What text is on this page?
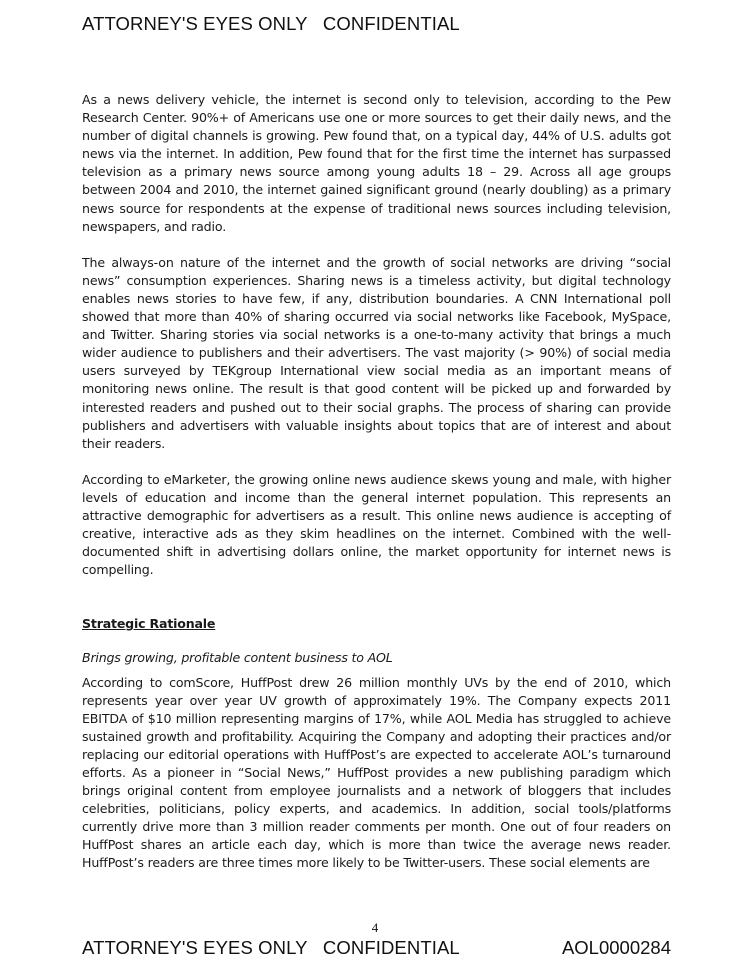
ATTORNEY'S EYES ONLY   CONFIDENTIAL

As a news delivery vehicle, the internet is second only to television, according to the Pew Research Center. 90%+ of Americans use one or more sources to get their daily news, and the number of digital channels is growing. Pew found that, on a typical day, 44% of U.S. adults got news via the internet. In addition, Pew found that for the first time the internet has surpassed television as a primary news source among young adults 18 – 29. Across all age groups between 2004 and 2010, the internet gained significant ground (nearly doubling) as a primary news source for respondents at the expense of traditional news sources including television, newspapers, and radio.

The always-on nature of the internet and the growth of social networks are driving “social news” consumption experiences. Sharing news is a timeless activity, but digital technology enables news stories to have few, if any, distribution boundaries. A CNN International poll showed that more than 40% of sharing occurred via social networks like Facebook, MySpace, and Twitter. Sharing stories via social networks is a one-to-many activity that brings a much wider audience to publishers and their advertisers. The vast majority (> 90%) of social media users surveyed by TEKgroup International view social media as an important means of monitoring news online. The result is that good content will be picked up and forwarded by interested readers and pushed out to their social graphs. The process of sharing can provide publishers and advertisers with valuable insights about topics that are of interest and about their readers.

According to eMarketer, the growing online news audience skews young and male, with higher levels of education and income than the general internet population. This represents an attractive demographic for advertisers as a result. This online news audience is accepting of creative, interactive ads as they skim headlines on the internet. Combined with the well-documented shift in advertising dollars online, the market opportunity for internet news is compelling.

Strategic Rationale
Brings growing, profitable content business to AOL

According to comScore, HuffPost drew 26 million monthly UVs by the end of 2010, which represents year over year UV growth of approximately 19%. The Company expects 2011 EBITDA of $10 million representing margins of 17%, while AOL Media has struggled to achieve sustained growth and profitability. Acquiring the Company and adopting their practices and/or replacing our editorial operations with HuffPost’s are expected to accelerate AOL’s turnaround efforts. As a pioneer in “Social News,” HuffPost provides a new publishing paradigm which brings original content from employee journalists and a network of bloggers that includes celebrities, politicians, policy experts, and academics. In addition, social tools/platforms currently drive more than 3 million reader comments per month. One out of four readers on HuffPost shares an article each day, which is more than twice the average news reader. HuffPost’s readers are three times more likely to be Twitter-users. These social elements are

4
ATTORNEY'S EYES ONLY   CONFIDENTIAL	AOL0000284
